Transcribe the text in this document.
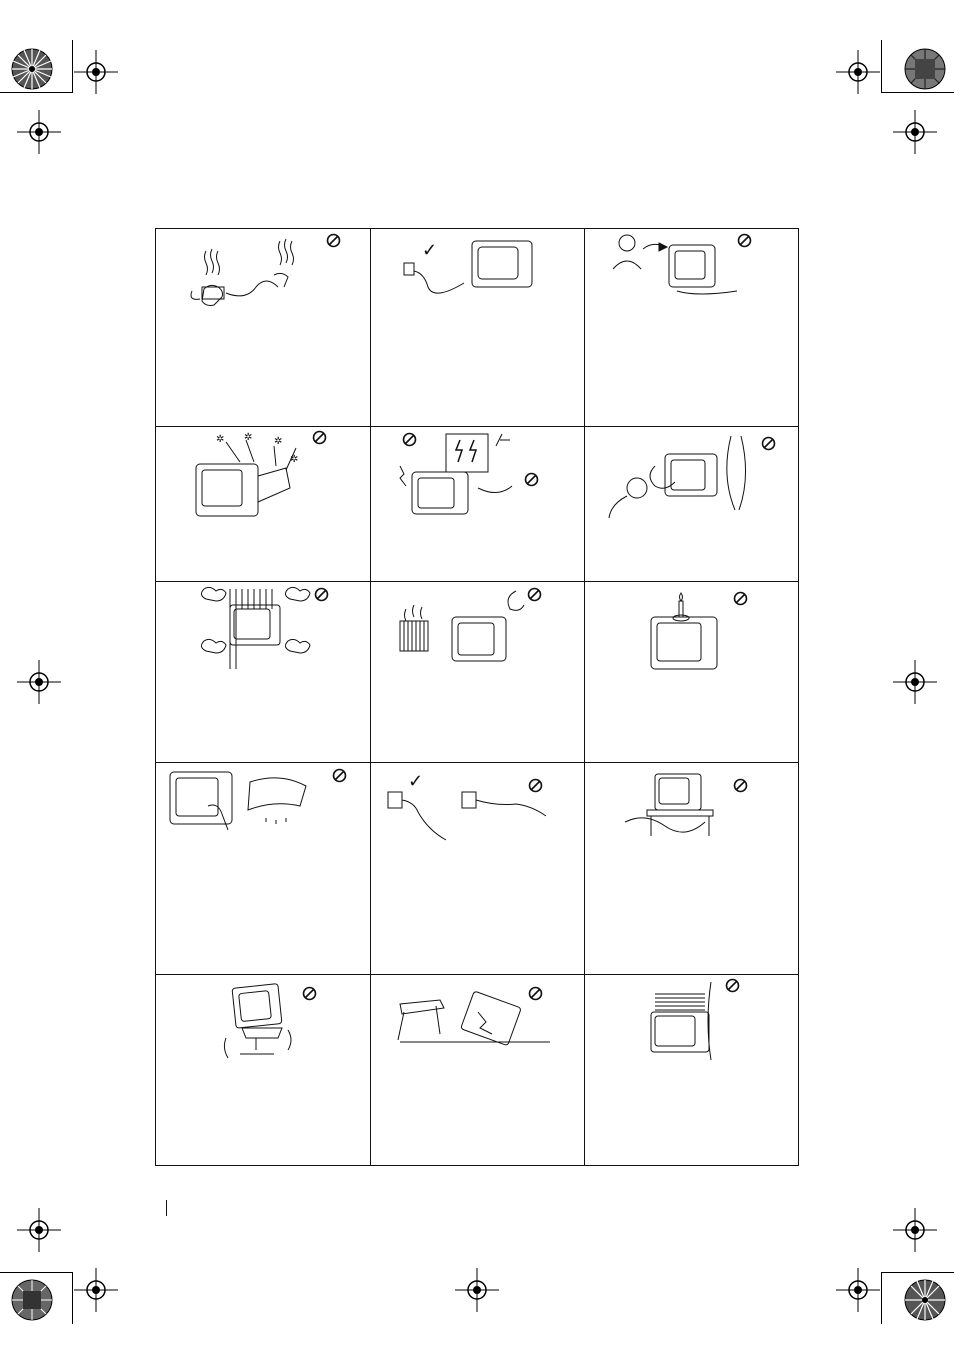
✓
✲ ✲ ✲
✲
✓
